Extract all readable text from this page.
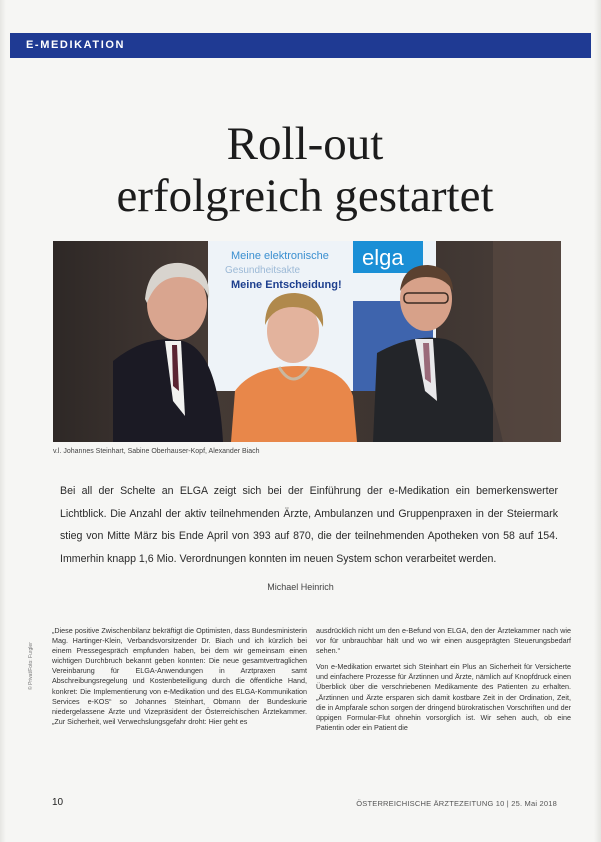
E-MEDIKATION
Roll-out
erfolgreich gestartet
elga
Meine elektronische
Gesundheitsakte
Meine Entscheidung!
v.l. Johannes Steinhart, Sabine Oberhauser-Kopf, Alexander Biach
Bei all der Schelte an ELGA zeigt sich bei der Einführung der e-Medikation ein bemerkenswerter Lichtblick. Die Anzahl der aktiv teilnehmenden Ärzte, Ambulanzen und Gruppenpraxen in der Steiermark stieg von Mitte März bis Ende April von 393 auf 870, die der teilnehmenden Apotheken von 58 auf 154. Immerhin knapp 1,6 Mio. Verordnungen konnten im neuen System schon verarbeitet werden.
Michael Heinrich
© Privat/Foto: Furgler

„Diese positive Zwischenbilanz bekräftigt die Optimisten, dass Bundesministerin Mag. Hartinger-Klein, Verbandsvorsitzender Dr. Biach und ich kürzlich bei einem Pressegespräch empfunden haben, bei dem wir gemeinsam einen wichtigen Durchbruch bekannt geben konnten: Die neue gesamtvertraglichen Vereinbarung für ELGA-Anwendungen in Arztpraxen samt Abschreibungsregelung und Kostenbeteiligung durch die öffentliche Hand, konkret: Die Implementierung von e-Medikation und des ELGA-Kommunikation Services e-KOS“ so Johannes Steinhart, Obmann der Bundeskurie niedergelassene Ärzte und Vizepräsident der Österreichischen Ärztekammer. „Zur Sicherheit, weil Verwechslungsgefahr droht: Hier geht es

ausdrücklich nicht um den e-Befund von ELGA, den der Ärztekammer nach wie vor für unbrauchbar hält und wo wir einen ausgeprägten Steuerungsbedarf sehen.“

Von e-Medikation erwartet sich Steinhart ein Plus an Sicherheit für Versicherte und einfachere Prozesse für Ärztinnen und Ärzte, nämlich auf Knopfdruck einen Überblick über die verschriebenen Medikamente des Patienten zu erhalten. „Ärztinnen und Ärzte ersparen sich damit kostbare Zeit in der Ordination, Zeit, die in Ampfarale schon sorgen der dringend bürokratischen Vorschriften und der üppigen Formular-Flut ohnehin vorsorglich ist. Wir sehen auch, ob eine Patientin oder ein Patient die

10	ÖSTERREICHISCHE ÄRZTEZEITUNG 10 | 25. Mai 2018
